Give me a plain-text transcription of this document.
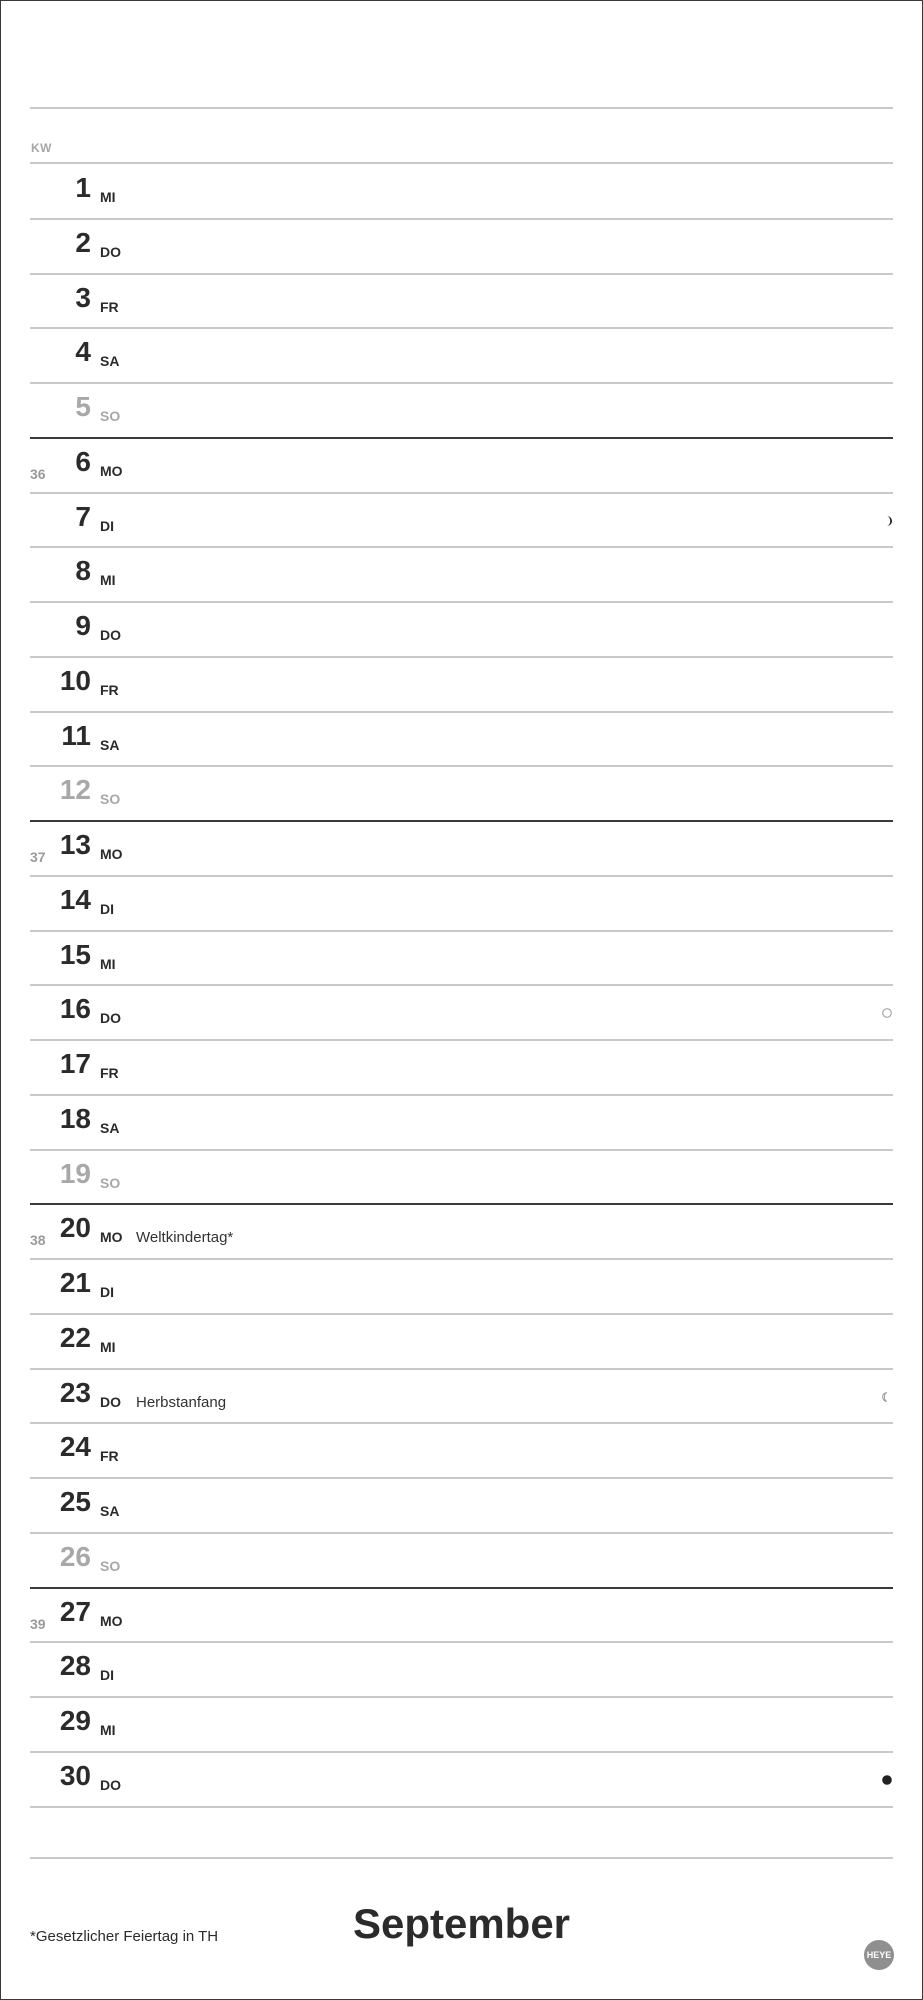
KW
1 MI
2 DO
3 FR
4 SA
5 SO
36 6 MO
7 DI
8 MI
9 DO
10 FR
11 SA
12 SO
37 13 MO
14 DI
15 MI
16 DO
17 FR
18 SA
19 SO
38 20 MO Weltkindertag*
21 DI
22 MI
23 DO Herbstanfang
24 FR
25 SA
26 SO
39 27 MO
28 DI
29 MI
30 DO
*Gesetzlicher Feiertag in TH	September
HEYE
